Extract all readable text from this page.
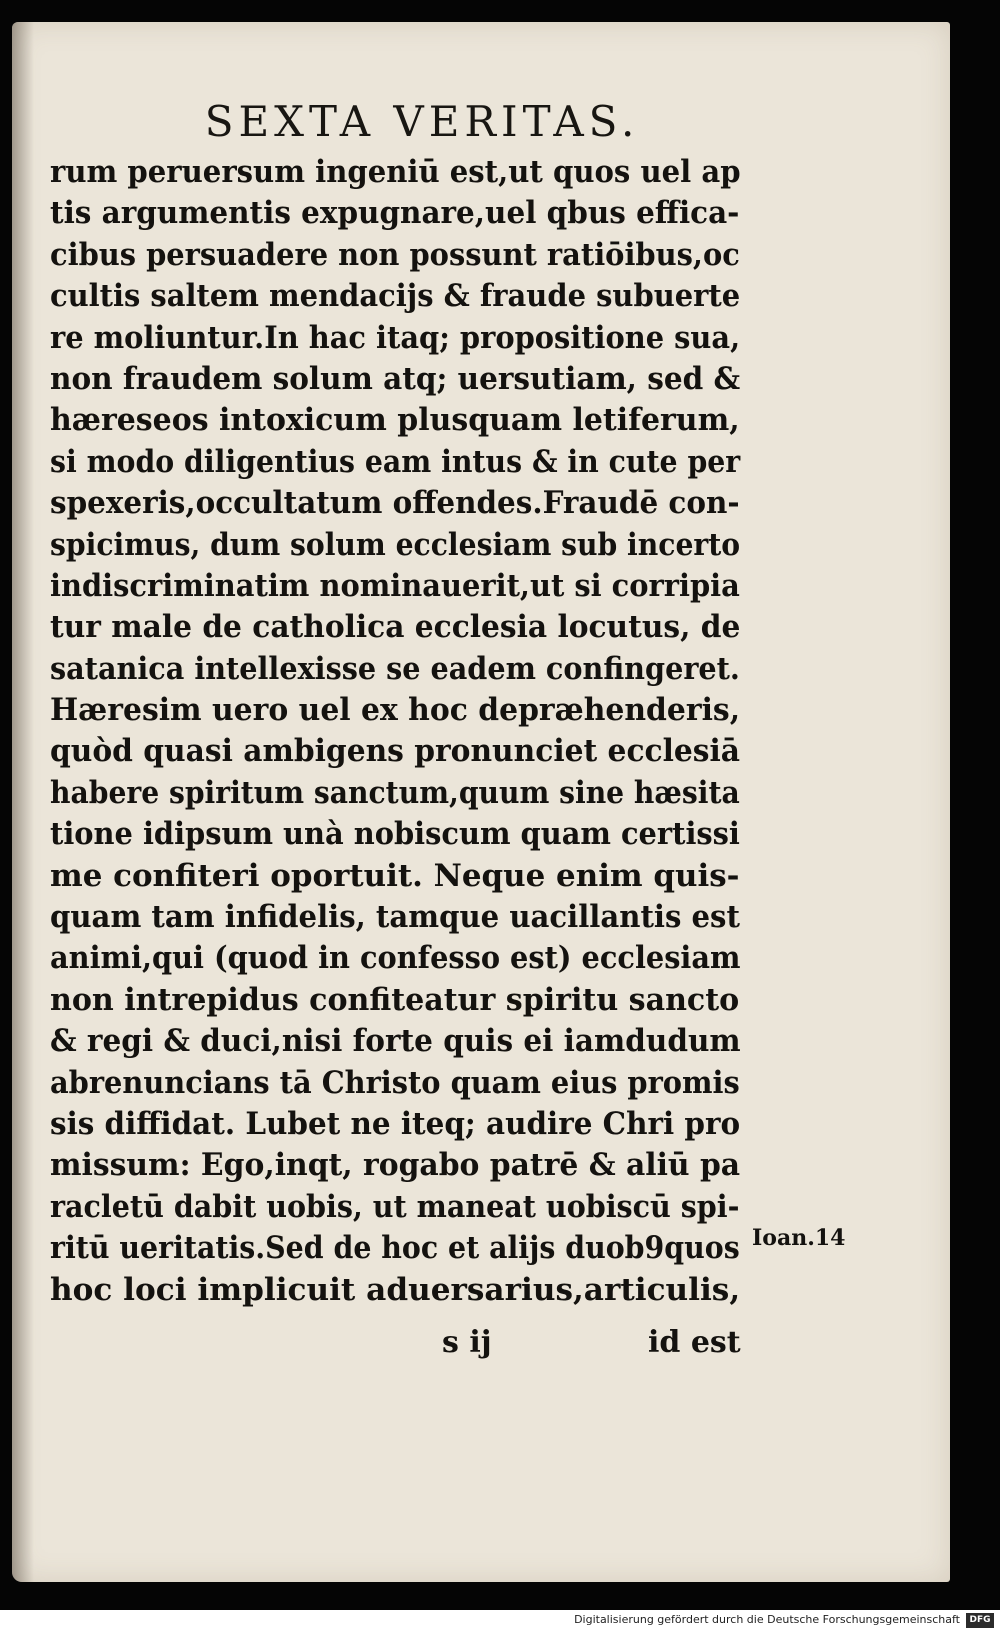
SEXTA VERITAS.
rum peruersum ingeniū est,ut quos uel ap
tis argumentis expugnare,uel qbus effica-
cibus persuadere non possunt ratiōibus,oc
cultis saltem mendacijs & fraude subuerte
re moliuntur.In hac itaq; propositione sua,
non fraudem solum atq; uersutiam, sed &
hæreseos intoxicum plusquam letiferum,
si modo diligentius eam intus & in cute per
spexeris,occultatum offendes.Fraudē con-
spicimus, dum solum ecclesiam sub incerto
indiscriminatim nominauerit,ut si corripia
tur male de catholica ecclesia locutus, de
satanica intellexisse se eadem confingeret.
Hæresim uero uel ex hoc depræhenderis,
quòd quasi ambigens pronunciet ecclesiā
habere spiritum sanctum,quum sine hæsita
tione idipsum unà nobiscum quam certissi
me confiteri oportuit. Neque enim quis-
quam tam infidelis, tamque uacillantis est
animi,qui (quod in confesso est) ecclesiam
non intrepidus confiteatur spiritu sancto
& regi & duci,nisi forte quis ei iamdudum
abrenuncians tā Christo quam eius promis
sis diffidat. Lubet ne iteq; audire Chri pro
missum: Ego,inqt, rogabo patrē & aliū pa
racletū dabit uobis, ut maneat uobiscū spi-
ritū ueritatis.Sed de hoc et alijs duob9quos
hoc loci implicuit aduersarius,articulis,
Ioan.14
s ij	id est
Digitalisierung gefördert durch die Deutsche Forschungsgemeinschaft	DFG
